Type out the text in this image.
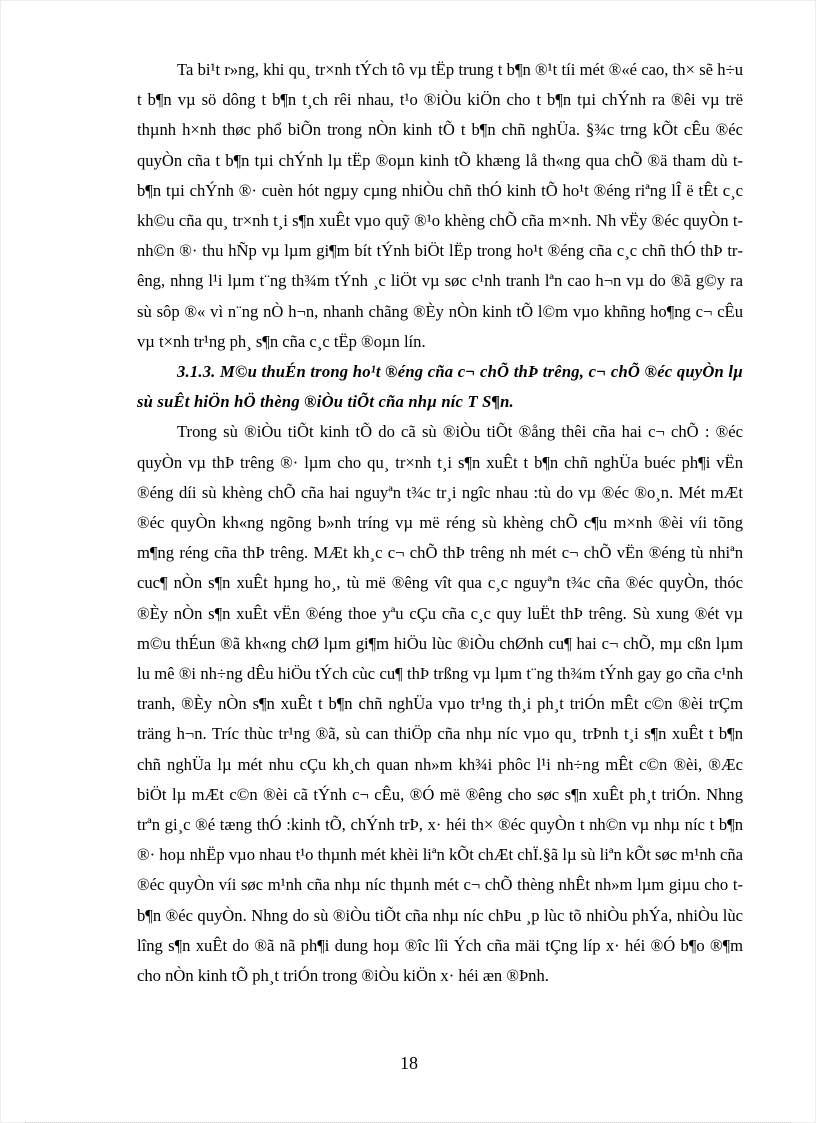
Ta bi¹t r»ng, khi qu¸ tr×nh tÝch tô vµ tËp trung t b¶n ®¹t tíi mét ®«é cao, th× sẽ h÷u t b¶n vµ sö dông t b¶n t¸ch rêi nhau, t¹o ®iÒu kiÖn cho t b¶n tµi chÝnh ra ®êi vµ trë thµnh h×nh thøc phổ biÕn trong nÒn kinh tÕ t b¶n chñ nghÜa. §¾c trng kÕt cÊu ®éc quyÒn cña t b¶n tµi chÝnh lµ tËp ®oµn kinh tÕ khæng lå th«ng qua chÕ ®ä tham dù t b¶n tµi chÝnh ®· cuèn hót ngµy cµng nhiÒu chñ thÓ kinh tÕ ho¹t ®éng riªng lÎ ë tÊt c¸c kh©u cña qu¸ tr×nh t¸i s¶n xuÊt vµo quỹ ®¹o khèng chÕ cña m×nh. Nh vËy ®éc quyÒn t nh©n ®· thu hÑp vµ lµm gi¶m bít tÝnh biÖt lËp trong ho¹t ®éng cña c¸c chñ thÓ thÞ trêng, nhng l¹i lµm t¨ng th¾m tÝnh ¸c liÖt vµ søc c¹nh tranh lªn cao h¬n vµ do ®ã g©y ra sù sôp ®« vì n¨ng nÒ h¬n, nhanh chãng ®Èy nÒn kinh tÕ l©m vµo khñng ho¶ng c¬ cÊu vµ t×nh tr¹ng ph¸ s¶n cña c¸c tËp ®oµn lín.

3.1.3. M©u thuÉn trong ho¹t ®éng cña c¬ chÕ thÞ trêng, c¬ chÕ ®éc quyÒn lµ sù suÊt hiÖn hÖ thèng ®iÒu tiÕt cña nhµ níc T S¶n.

Trong sù ®iÒu tiÕt kinh tÕ do cã sù ®iÒu tiÕt ®ång thêi cña hai c¬ chÕ : ®éc quyÒn vµ thÞ trêng ®· lµm cho qu¸ tr×nh t¸i s¶n xuÊt t b¶n chñ nghÜa buéc ph¶i vËn ®éng díi sù khèng chÕ cña hai nguyªn t¾c tr¸i ngîc nhau :tù do vµ ®éc ®o¸n. Mét mÆt ®éc quyÒn kh«ng ngõng b»nh tríng vµ më réng sù khèng chÕ c¶u m×nh ®èi víi tõng m¶ng réng cña thÞ trêng. MÆt kh¸c c¬ chÕ thÞ trêng nh mét c¬ chÕ vËn ®éng tù nhiªn cuc¶ nÒn s¶n xuÊt hµng ho¸, tù më ®êng vît qua c¸c nguyªn t¾c cña ®éc quyÒn, thóc ®Èy nÒn s¶n xuÊt vËn ®éng thoe yªu cÇu cña c¸c quy luËt thÞ trêng. Sù xung ®ét vµ m©u thÉun ®ã kh«ng chØ lµm gi¶m hiÖu lùc ®iÒu chØnh cu¶ hai c¬ chÕ, mµ cßn lµm lu mê ®i nh÷ng dÊu hiÖu tÝch cùc cu¶ thÞ trßng vµ lµm t¨ng th¾m tÝnh gay go cña c¹nh tranh, ®Èy nÒn s¶n xuÊt t b¶n chñ nghÜa vµo tr¹ng th¸i ph¸t triÓn mÊt c©n ®èi trÇm träng h¬n. Tríc thùc tr¹ng ®ã, sù can thiÖp cña nhµ níc vµo qu¸ trÞnh t¸i s¶n xuÊt t b¶n chñ nghÜa lµ mét nhu cÇu kh¸ch quan nh»m kh¾i phôc l¹i nh÷ng mÊt c©n ®èi, ®Æc biÖt lµ mÆt c©n ®èi cã tÝnh c¬ cÊu, ®Ó më ®êng cho søc s¶n xuÊt ph¸t triÓn. Nhng trªn gi¸c ®é tæng thÓ :kinh tÕ, chÝnh trÞ, x· héi th× ®éc quyÒn t nh©n vµ nhµ níc t b¶n ®· hoµ nhËp vµo nhau t¹o thµnh mét khèi liªn kÕt chÆt chÏ.§ã lµ sù liªn kÕt søc m¹nh cña ®éc quyÒn víi søc m¹nh cña nhµ níc thµnh mét c¬ chÕ thèng nhÊt nh»m lµm giµu cho t b¶n ®éc quyÒn. Nhng do sù ®iÒu tiÕt cña nhµ níc chÞu ¸p lùc tõ nhiÒu phÝa, nhiÒu lùc lîng s¶n xuÊt do ®ã nã ph¶i dung hoµ ®îc lîi Ých cña mäi tÇng líp x· héi ®Ó b¶o ®¶m cho nÒn kinh tÕ ph¸t triÓn trong ®iÒu kiÖn x· héi æn ®Þnh.

18
